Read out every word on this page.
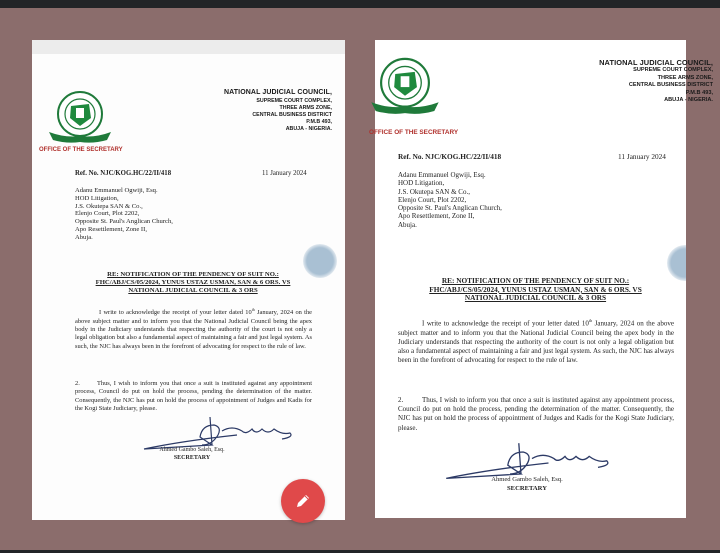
OFFICE OF THE SECRETARY
NATIONAL JUDICIAL COUNCIL,
SUPREME COURT COMPLEX,
THREE ARMS ZONE,
CENTRAL BUSINESS DISTRICT
P.M.B 493,
ABUJA - NIGERIA.
Ref. No. NJC/KOG.HC/22/II/418	11 January 2024
Adanu Emmanuel Ogwiji, Esq.
HOD Litigation,
J.S. Okutepa SAN & Co.,
Elenjo Court, Plot 2202,
Opposite St. Paul's Anglican Church,
Apo Resettlement, Zone II,
Abuja.
RE: NOTIFICATION OF THE PENDENCY OF SUIT NO.:
FHC/ABJ/CS/05/2024, YUNUS USTAZ USMAN, SAN & 6 ORS. VS
NATIONAL JUDICIAL COUNCIL & 3 ORS
I write to acknowledge the receipt of your letter dated 10th January, 2024 on the above subject matter and to inform you that the National Judicial Council being the apex body in the Judiciary understands that respecting the authority of the court is not only a legal obligation but also a fundamental aspect of maintaining a fair and just legal system. As such, the NJC has always been in the forefront of advocating for respect to the rule of law.
2.	Thus, I wish to inform you that once a suit is instituted against any appointment process, Council do put on hold the process, pending the determination of the matter. Consequently, the NJC has put on hold the process of appointment of Judges and Kadis for the Kogi State Judiciary, please.
Ahmed Gambo Saleh, Esq.
SECRETARY
OFFICE OF THE SECRETARY
NATIONAL JUDICIAL COUNCIL,
SUPREME COURT COMPLEX,
THREE ARMS ZONE,
CENTRAL BUSINESS DISTRICT
P.M.B 493,
ABUJA - NIGERIA.
Ref. No. NJC/KOG.HC/22/II/418	11 January 2024
Adanu Emmanuel Ogwiji, Esq.
HOD Litigation,
J.S. Okutepa SAN & Co.,
Elenjo Court, Plot 2202,
Opposite St. Paul's Anglican Church,
Apo Resettlement, Zone II,
Abuja.
RE: NOTIFICATION OF THE PENDENCY OF SUIT NO.:
FHC/ABJ/CS/05/2024, YUNUS USTAZ USMAN, SAN & 6 ORS. VS
NATIONAL JUDICIAL COUNCIL & 3 ORS
I write to acknowledge the receipt of your letter dated 10th January, 2024 on the above subject matter and to inform you that the National Judicial Council being the apex body in the Judiciary understands that respecting the authority of the court is not only a legal obligation but also a fundamental aspect of maintaining a fair and just legal system. As such, the NJC has always been in the forefront of advocating for respect to the rule of law.
2.	Thus, I wish to inform you that once a suit is instituted against any appointment process, Council do put on hold the process, pending the determination of the matter. Consequently, the NJC has put on hold the process of appointment of Judges and Kadis for the Kogi State Judiciary, please.
Ahmed Gambo Saleh, Esq.
SECRETARY
